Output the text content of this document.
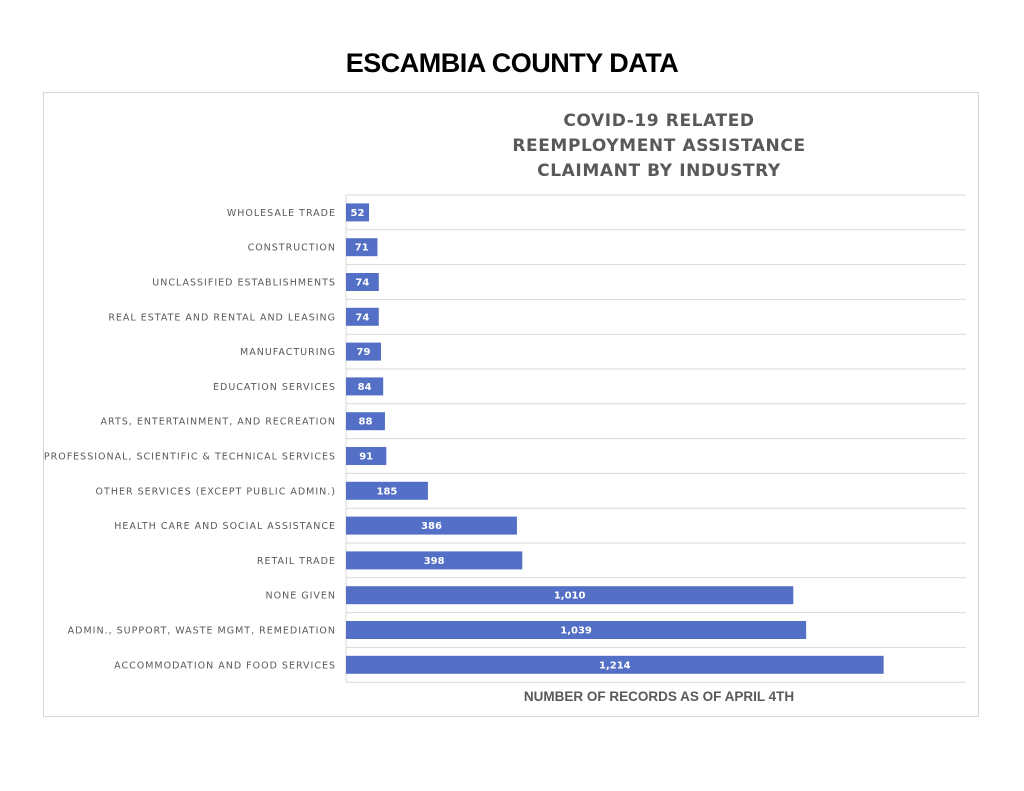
ESCAMBIA COUNTY DATA
COVID-19 RELATED
REEMPLOYMENT ASSISTANCE
CLAIMANT BY INDUSTRY
WHOLESALE TRADE 52
CONSTRUCTION 71
UNCLASSIFIED ESTABLISHMENTS 74
REAL ESTATE AND RENTAL AND LEASING 74
MANUFACTURING 79
EDUCATION SERVICES 84
ARTS, ENTERTAINMENT, AND RECREATION 88
PROFESSIONAL, SCIENTIFIC & TECHNICAL SERVICES 91
OTHER SERVICES (EXCEPT PUBLIC ADMIN.)	185
HEALTH CARE AND SOCIAL ASSISTANCE	386
RETAIL TRADE	398
NONE GIVEN	1,010
ADMIN., SUPPORT, WASTE MGMT, REMEDIATION	1,039
ACCOMMODATION AND FOOD SERVICES	1,214
NUMBER OF RECORDS AS OF APRIL 4TH
